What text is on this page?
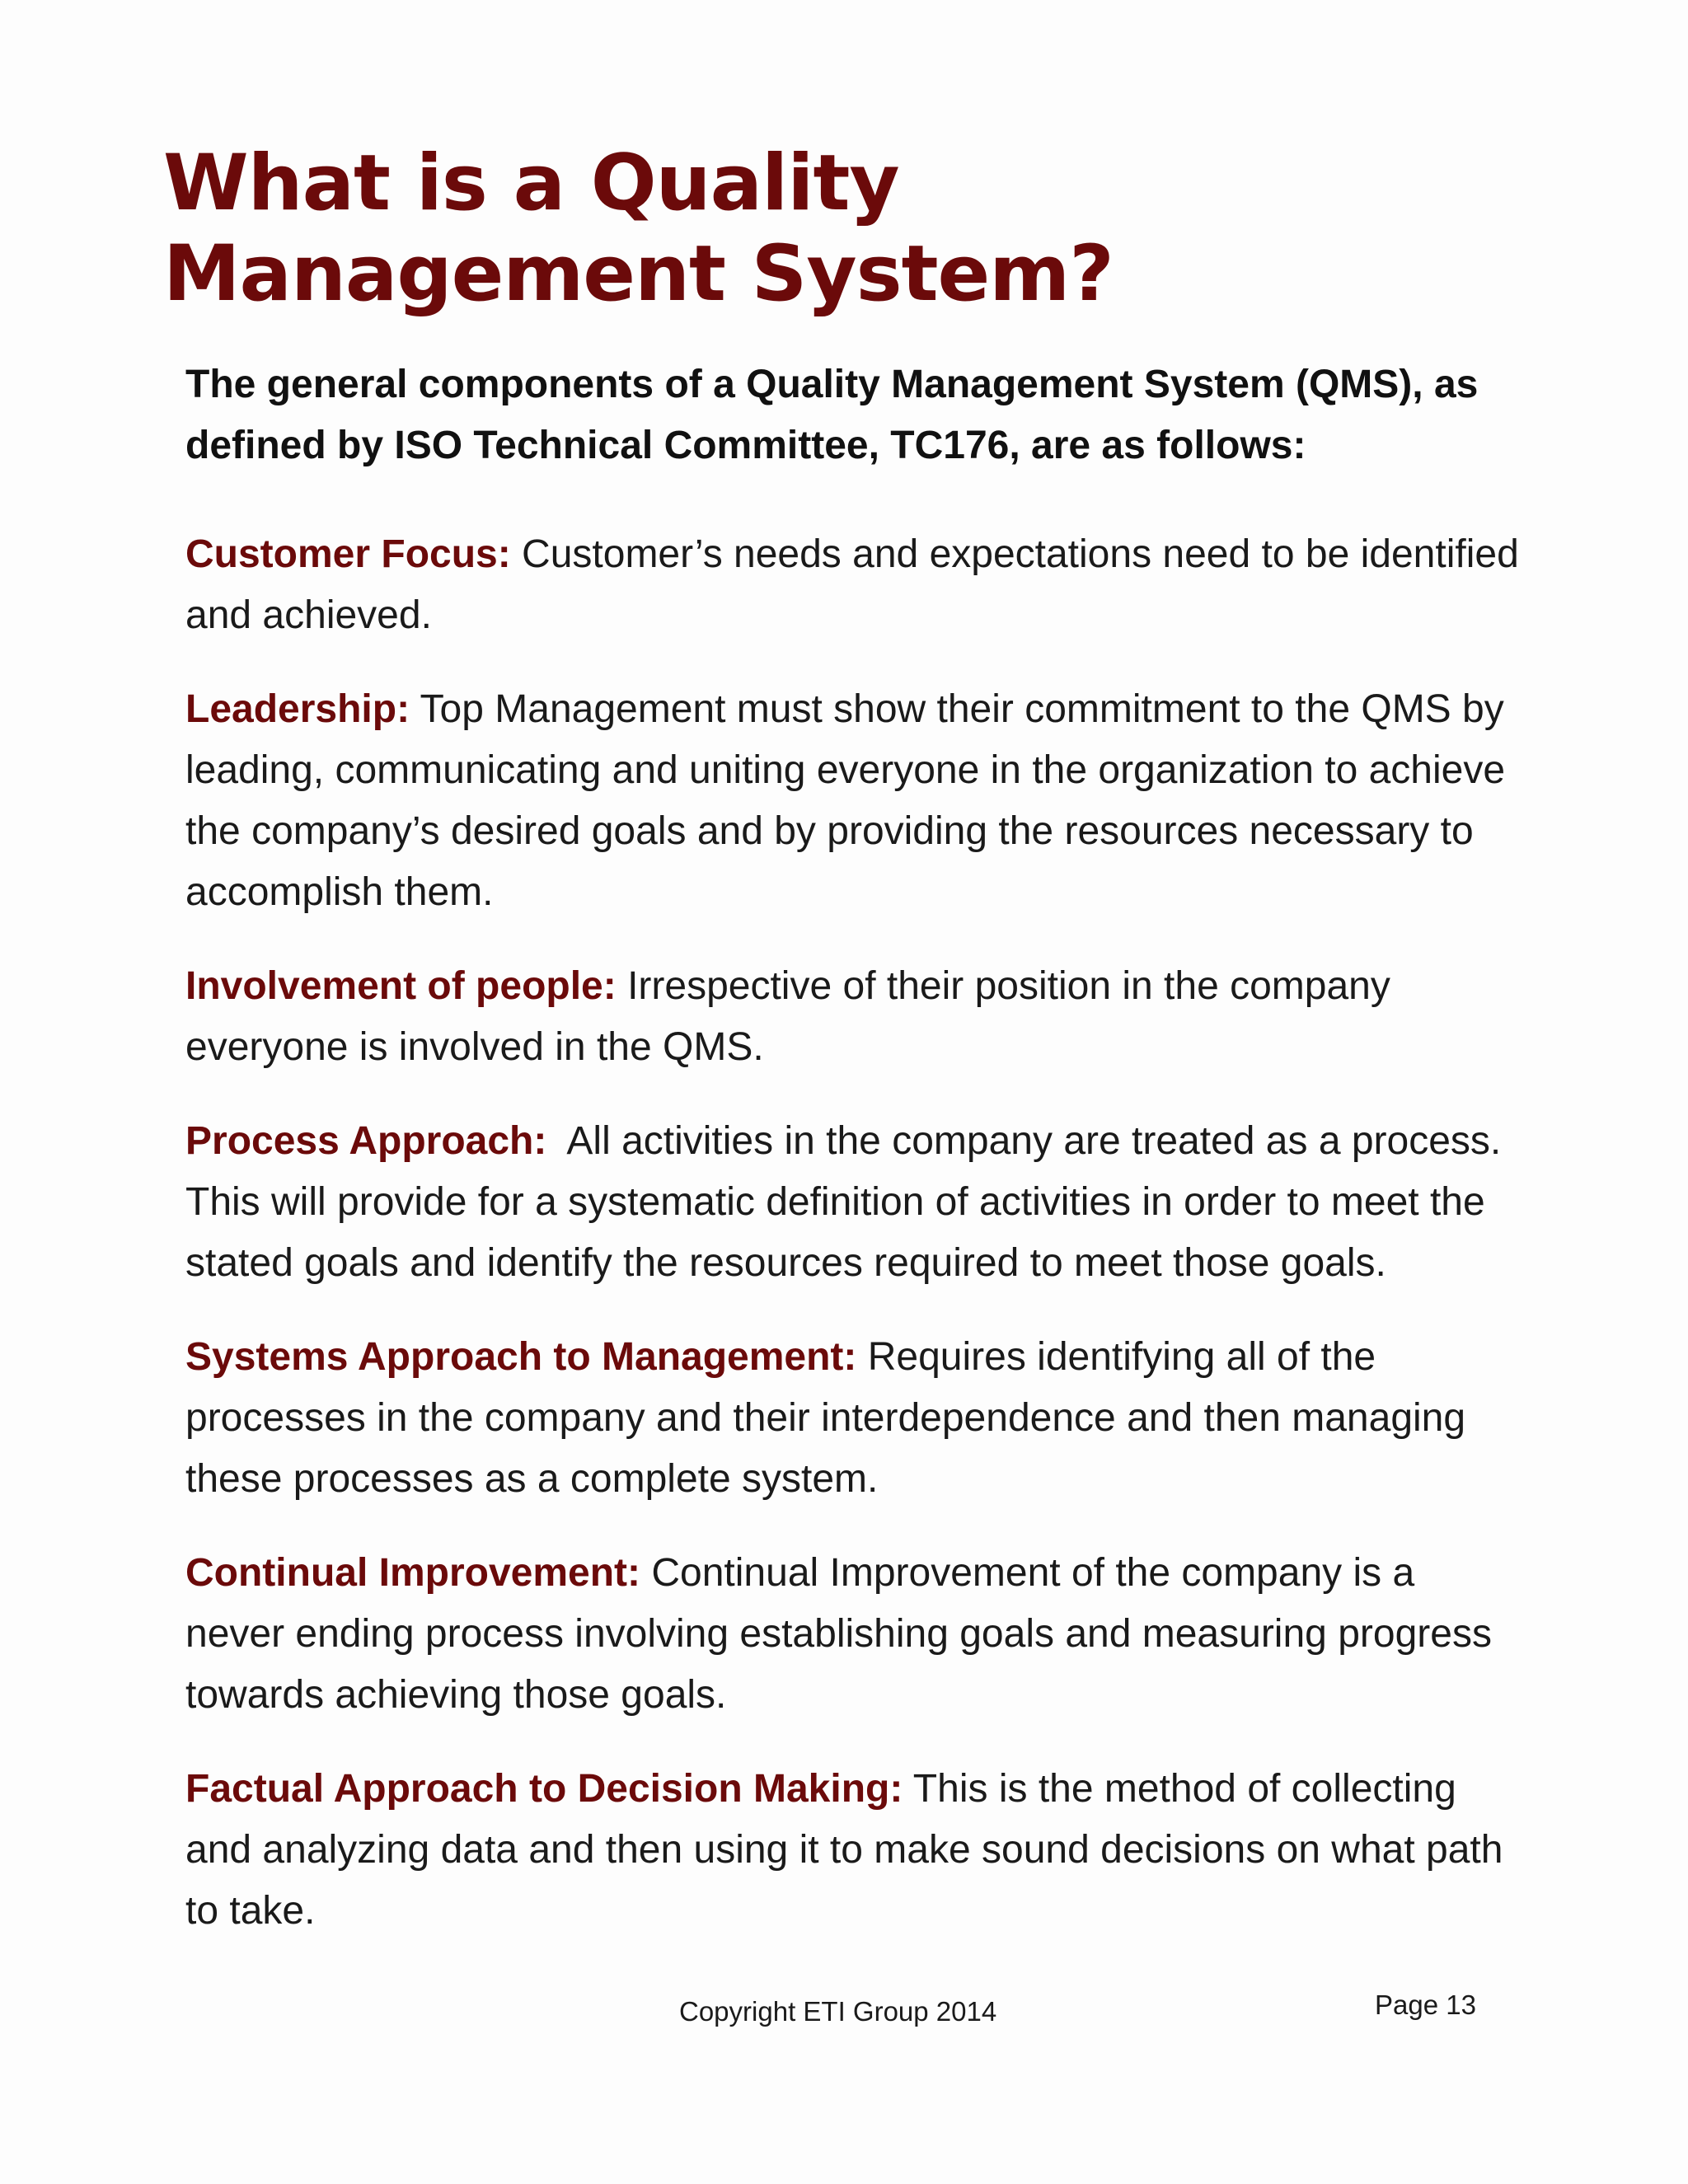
What is a Quality
Management System?

The general components of a Quality Management System (QMS), as defined by ISO Technical Committee, TC176, are as follows:

Customer Focus: Customer’s needs and expectations need to be identified and achieved.

Leadership: Top Management must show their commitment to the QMS by leading, communicating and uniting everyone in the organization to achieve the company’s desired goals and by providing the resources necessary to accomplish them.

Involvement of people: Irrespective of their position in the company everyone is involved in the QMS.

Process Approach:  All activities in the company are treated as a process. This will provide for a systematic definition of activities in order to meet the stated goals and identify the resources required to meet those goals.

Systems Approach to Management: Requires identifying all of the processes in the company and their interdependence and then managing these processes as a complete system.

Continual Improvement: Continual Improvement of the company is a never ending process involving establishing goals and measuring progress towards achieving those goals.

Factual Approach to Decision Making: This is the method of collecting and analyzing data and then using it to make sound decisions on what path to take.

Copyright ETI Group 2014	Page 13
